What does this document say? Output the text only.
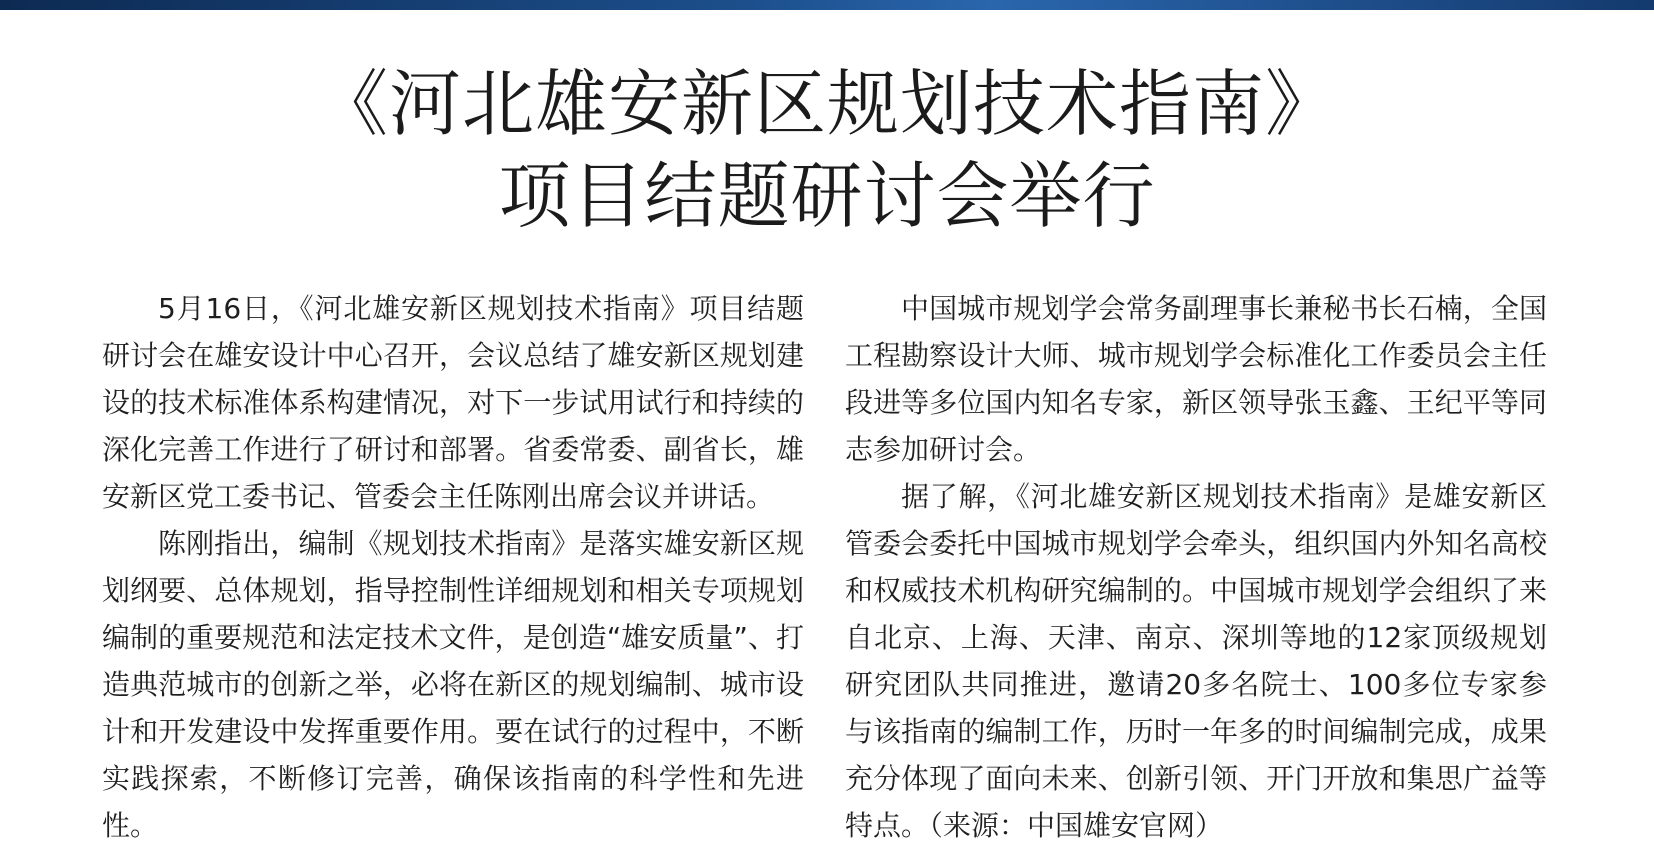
《河北雄安新区规划技术指南》
项目结题研讨会举行

5月16日，《河北雄安新区规划技术指南》项目结题研讨会在雄安设计中心召开，会议总结了雄安新区规划建设的技术标准体系构建情况，对下一步试用试行和持续的深化完善工作进行了研讨和部署。省委常委、副省长，雄安新区党工委书记、管委会主任陈刚出席会议并讲话。

陈刚指出，编制《规划技术指南》是落实雄安新区规划纲要、总体规划，指导控制性详细规划和相关专项规划编制的重要规范和法定技术文件，是创造“雄安质量”、打造典范城市的创新之举，必将在新区的规划编制、城市设计和开发建设中发挥重要作用。要在试行的过程中，不断实践探索，不断修订完善，确保该指南的科学性和先进性。

中国城市规划学会常务副理事长兼秘书长石楠，全国工程勘察设计大师、城市规划学会标准化工作委员会主任段进等多位国内知名专家，新区领导张玉鑫、王纪平等同志参加研讨会。

据了解，《河北雄安新区规划技术指南》是雄安新区管委会委托中国城市规划学会牵头，组织国内外知名高校和权威技术机构研究编制的。中国城市规划学会组织了来自北京、上海、天津、南京、深圳等地的12家顶级规划研究团队共同推进，邀请20多名院士、100多位专家参与该指南的编制工作，历时一年多的时间编制完成，成果充分体现了面向未来、创新引领、开门开放和集思广益等特点。（来源：中国雄安官网）
